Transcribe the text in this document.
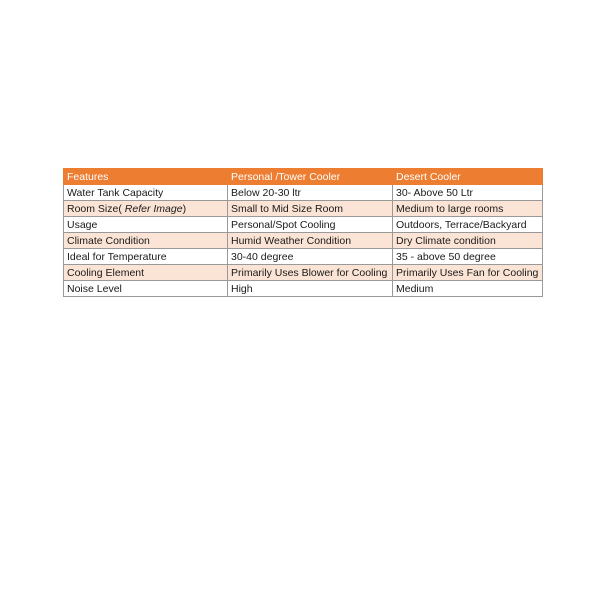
Features	Personal /Tower Cooler	Desert Cooler
Water Tank Capacity	Below 20-30 ltr	30- Above 50 Ltr
Room Size( Refer Image)	Small to Mid Size Room	Medium to large rooms
Usage	Personal/Spot Cooling	Outdoors, Terrace/Backyard
Climate Condition	Humid Weather Condition	Dry Climate condition
Ideal for Temperature	30-40 degree	35 - above 50 degree
Cooling Element	Primarily Uses Blower for Cooling	Primarily Uses Fan for Cooling
Noise Level	High	Medium
